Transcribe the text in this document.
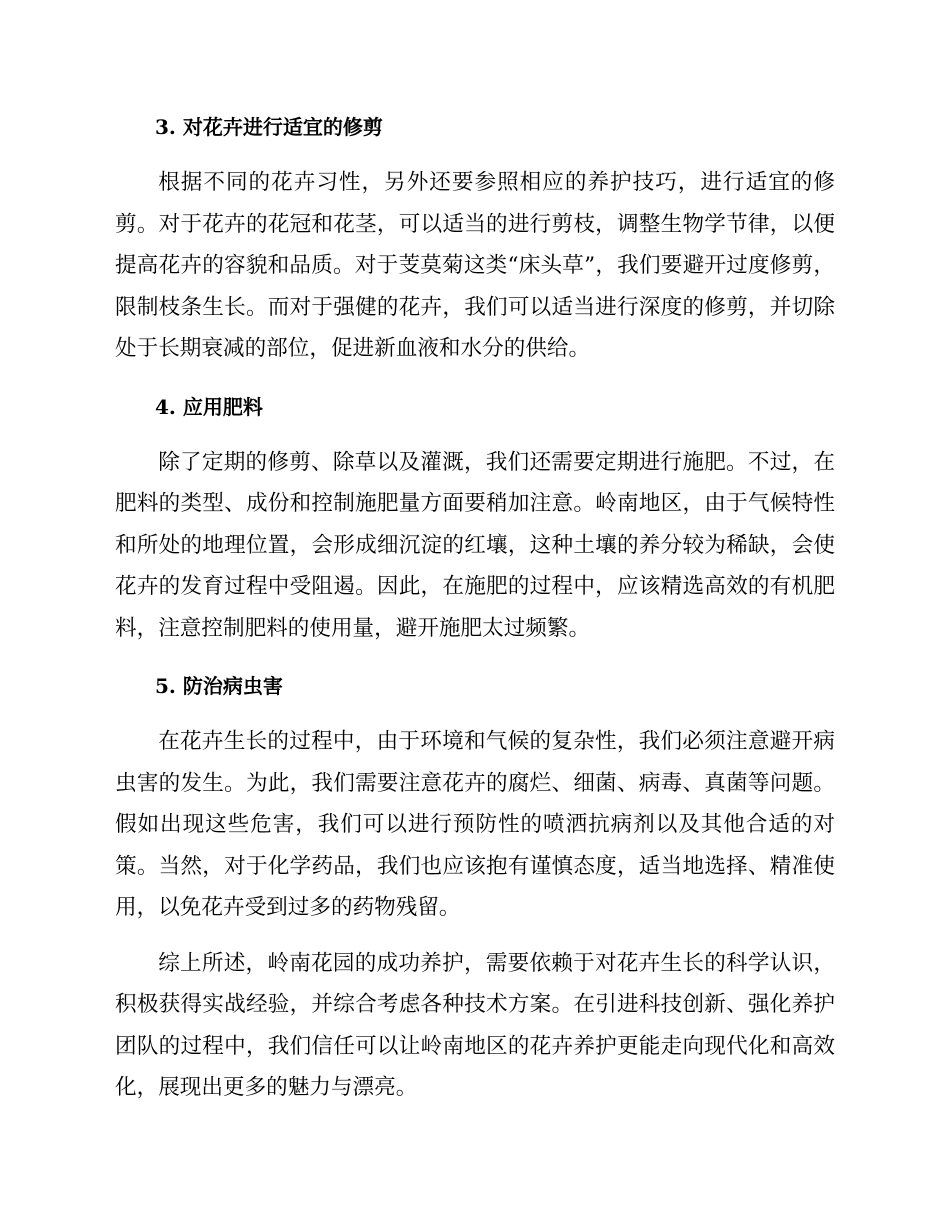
3. 对花卉进行适宜的修剪

根据不同的花卉习性，另外还要参照相应的养护技巧，进行适宜的修剪。对于花卉的花冠和花茎，可以适当的进行剪枝，调整生物学节律，以便提高花卉的容貌和品质。对于芰莫菊这类“床头草”，我们要避开过度修剪，限制枝条生长。而对于强健的花卉，我们可以适当进行深度的修剪，并切除处于长期衰减的部位，促进新血液和水分的供给。

4. 应用肥料

除了定期的修剪、除草以及灌溉，我们还需要定期进行施肥。不过，在肥料的类型、成份和控制施肥量方面要稍加注意。岭南地区，由于气候特性和所处的地理位置，会形成细沉淀的红壤，这种土壤的养分较为稀缺，会使花卉的发育过程中受阻遏。因此，在施肥的过程中，应该精选高效的有机肥料，注意控制肥料的使用量，避开施肥太过频繁。

5. 防治病虫害

在花卉生长的过程中，由于环境和气候的复杂性，我们必须注意避开病虫害的发生。为此，我们需要注意花卉的腐烂、细菌、病毒、真菌等问题。假如出现这些危害，我们可以进行预防性的喷洒抗病剂以及其他合适的对策。当然，对于化学药品，我们也应该抱有谨慎态度，适当地选择、精准使用，以免花卉受到过多的药物残留。

综上所述，岭南花园的成功养护，需要依赖于对花卉生长的科学认识，积极获得实战经验，并综合考虑各种技术方案。在引进科技创新、强化养护团队的过程中，我们信任可以让岭南地区的花卉养护更能走向现代化和高效化，展现出更多的魅力与漂亮。
